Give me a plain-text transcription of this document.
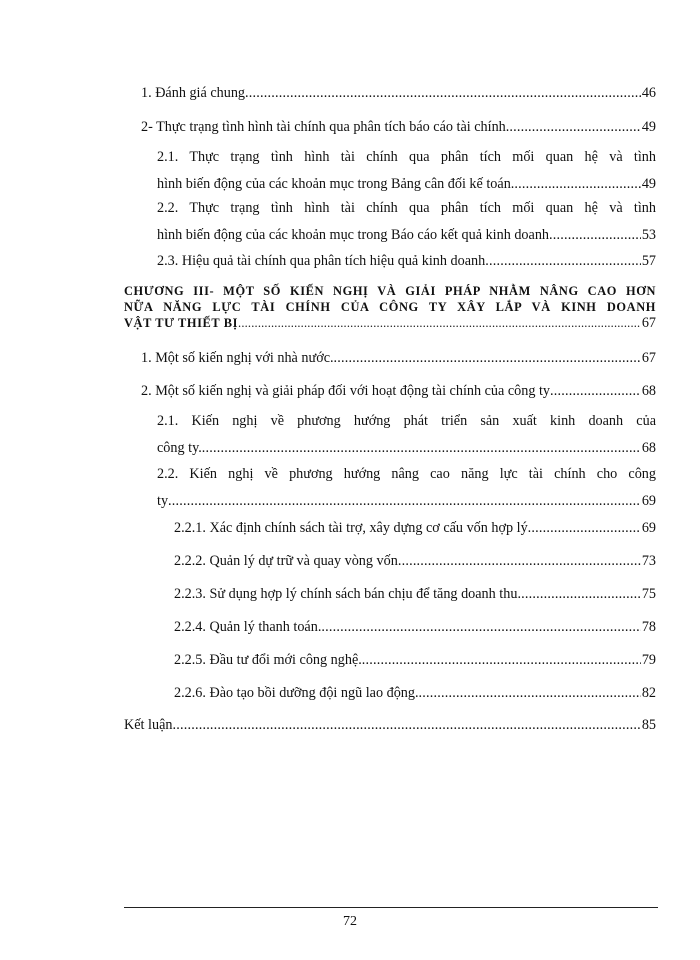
1. Đánh giá chung .....	46
2- Thực trạng tình hình tài chính qua phân tích báo cáo tài chính. .....	49
2.1. Thực trạng tình hình tài chính qua phân tích mối quan hệ và tình
hình biến động của các khoản mục trong Bảng cân đối kế toán. .....	49
2.2. Thực trạng tình hình tài chính qua phân tích mối quan hệ và tình
hình biến động của các khoản mục trong Báo cáo kết quả kinh doanh .....	53
2.3. Hiệu quả tài chính qua phân tích hiệu quả kinh doanh .....	57
CHƯƠNG III- MỘT SỐ KIẾN NGHỊ VÀ GIẢI PHÁP NHẰM NÂNG CAO HƠN
NỮA NĂNG LỰC TÀI CHÍNH CỦA CÔNG TY XÂY LẮP VÀ KINH DOANH
VẬT TƯ THIẾT BỊ .....	67
1. Một số kiến nghị với nhà nước. .....	67
2. Một số kiến nghị và giải pháp đối với hoạt động tài chính của công ty .....	68
2.1. Kiến nghị về phương hướng phát triển sản xuất kinh doanh của
công ty. .....	68
2.2. Kiến nghị về phương hướng nâng cao năng lực tài chính cho công
ty .....	69
2.2.1. Xác định chính sách tài trợ, xây dựng cơ cấu vốn hợp lý .....	69
2.2.2. Quản lý dự trữ và quay vòng vốn .....	73
2.2.3. Sử dụng hợp lý chính sách bán chịu để tăng doanh thu .....	75
2.2.4. Quản lý thanh toán. .....	78
2.2.5. Đầu tư đổi mới công nghệ. .....	79
2.2.6. Đào tạo bồi dưỡng đội ngũ lao động. .....	82
Kết luận .....	85
72
